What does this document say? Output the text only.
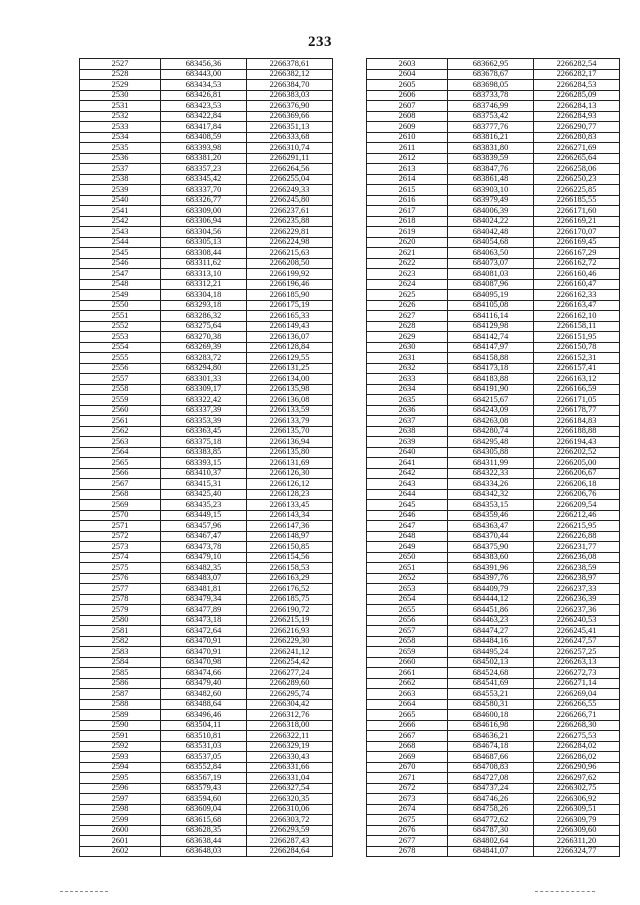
233
2527	683456,36	2266378,61
2528	683443,00	2266382,12
2529	683434,53	2266384,70
2530	683426,81	2266383,03
2531	683423,53	2266376,90
2532	683422,84	2266369,66
2533	683417,84	2266351,13
2534	683408,59	2266333,68
2535	683393,98	2266310,74
2536	683381,20	2266291,11
2537	683357,23	2266264,56
2538	683345,42	2266255,04
2539	683337,70	2266249,33
2540	683326,77	2266245,80
2541	683309,00	2266237,61
2542	683306,94	2266235,88
2543	683304,56	2266229,81
2544	683305,13	2266224,98
2545	683308,44	2266215,63
2546	683311,62	2266208,50
2547	683313,10	2266199,92
2548	683312,21	2266196,46
2549	683304,18	2266185,90
2550	683293,18	2266175,19
2551	683286,32	2266165,33
2552	683275,64	2266149,43
2553	683270,38	2266136,07
2554	683269,39	2266128,84
2555	683283,72	2266129,55
2556	683294,80	2266131,25
2557	683301,33	2266134,00
2558	683309,17	2266135,98
2559	683322,42	2266136,08
2560	683337,39	2266133,59
2561	683353,39	2266133,79
2562	683363,45	2266135,70
2563	683375,18	2266136,94
2564	683383,85	2266135,80
2565	683393,15	2266131,69
2566	683410,37	2266126,30
2567	683415,31	2266126,12
2568	683425,40	2266128,23
2569	683435,23	2266133,45
2570	683449,15	2266143,34
2571	683457,96	2266147,36
2572	683467,47	2266148,97
2573	683473,78	2266150,85
2574	683479,10	2266154,56
2575	683482,35	2266158,53
2576	683483,07	2266163,29
2577	683481,81	2266176,52
2578	683479,34	2266185,75
2579	683477,89	2266190,72
2580	683473,18	2266215,19
2581	683472,64	2266216,93
2582	683470,91	2266229,30
2583	683470,91	2266241,12
2584	683470,98	2266254,42
2585	683474,66	2266277,24
2586	683479,40	2266289,60
2587	683482,60	2266295,74
2588	683488,64	2266304,42
2589	683496,46	2266312,76
2590	683504,11	2266318,00
2591	683510,81	2266322,11
2592	683531,03	2266329,19
2593	683537,05	2266330,43
2594	683552,84	2266331,66
2595	683567,19	2266331,04
2596	683579,43	2266327,54
2597	683594,60	2266320,35
2598	683609,04	2266310,06
2599	683615,68	2266303,72
2600	683628,35	2266293,59
2601	683638,44	2266287,43
2602	683648,03	2266284,64
2603	683662,95	2266282,54
2604	683678,67	2266282,17
2605	683698,05	2266284,53
2606	683733,78	2266285,09
2607	683746,99	2266284,13
2608	683753,42	2266284,93
2609	683777,76	2266290,77
2610	683816,21	2266280,83
2611	683831,80	2266271,69
2612	683839,59	2266265,64
2613	683847,76	2266258,06
2614	683861,48	2266250,23
2615	683903,10	2266225,85
2616	683979,49	2266185,55
2617	684006,39	2266171,60
2618	684024,22	2266169,21
2619	684042,48	2266170,07
2620	684054,68	2266169,45
2621	684063,50	2266167,29
2622	684073,07	2266162,72
2623	684081,03	2266160,46
2624	684087,96	2266160,47
2625	684095,19	2266162,33
2626	684105,08	2266163,47
2627	684116,14	2266162,10
2628	684129,98	2266158,11
2629	684142,74	2266151,95
2630	684147,97	2266150,78
2631	684158,88	2266152,31
2632	684173,18	2266157,41
2633	684183,88	2266163,12
2634	684191,90	2266166,59
2635	684215,67	2266171,05
2636	684243,09	2266178,77
2637	684263,08	2266184,83
2638	684280,74	2266188,88
2639	684295,48	2266194,43
2640	684305,88	2266202,52
2641	684311,99	2266205,00
2642	684322,33	2266206,67
2643	684334,26	2266206,18
2644	684342,32	2266206,76
2645	684353,15	2266209,54
2646	684359,46	2266212,46
2647	684363,47	2266215,95
2648	684370,44	2266226,88
2649	684375,90	2266231,77
2650	684383,60	2266236,08
2651	684391,96	2266238,59
2652	684397,76	2266238,97
2653	684409,79	2266237,33
2654	684444,12	2266236,39
2655	684451,86	2266237,36
2656	684463,23	2266240,53
2657	684474,27	2266245,41
2658	684484,16	2266247,57
2659	684495,24	2266257,25
2660	684502,13	2266263,13
2661	684524,68	2266272,73
2662	684541,69	2266271,14
2663	684553,21	2266269,04
2664	684580,31	2266266,55
2665	684600,18	2266266,71
2666	684616,98	2266268,30
2667	684636,21	2266275,53
2668	684674,18	2266284,02
2669	684687,66	2266286,02
2670	684708,83	2266290,96
2671	684727,08	2266297,62
2672	684737,24	2266302,75
2673	684746,26	2266306,92
2674	684758,26	2266309,51
2675	684772,62	2266309,79
2676	684787,30	2266309,60
2677	684802,64	2266311,20
2678	684841,07	2266324,77
